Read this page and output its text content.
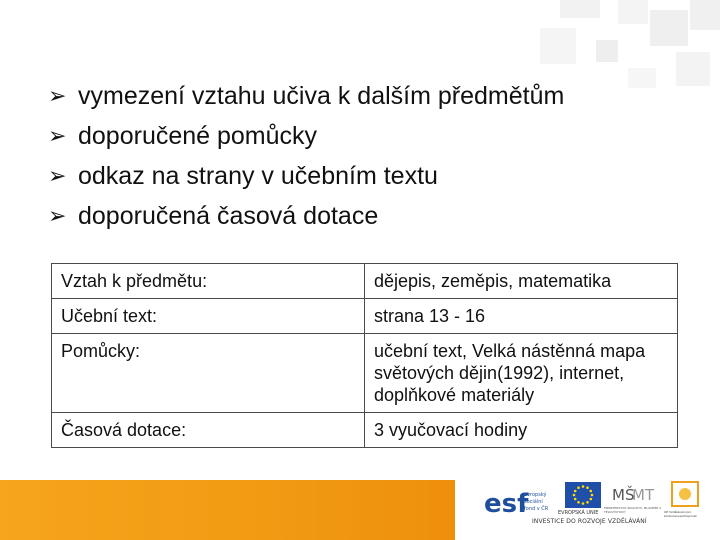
➢ vymezení vztahu učiva k dalším předmětům
➢ doporučené pomůcky
➢ odkaz na strany v učebním textu
➢ doporučená časová dotace
Vztah k předmětu:	dějepis, zeměpis, matematika
Učební text:	strana 13 - 16
Pomůcky:	učební text, Velká nástěnná mapa světových dějin(1992), internet, doplňkové materiály
Časová dotace:	3 vyučovací hodiny
esf
evropský
sociální
fond v ČR
EVROPSKÁ UNIE
MŠ
MT
MINISTERSTVO ŠKOLSTVÍ, MLÁDEŽE A TĚLOVÝCHOVY	OP Vzdělávání pro konkurenceschopnost
INVESTICE DO ROZVOJE VZDĚLÁVÁNÍ
